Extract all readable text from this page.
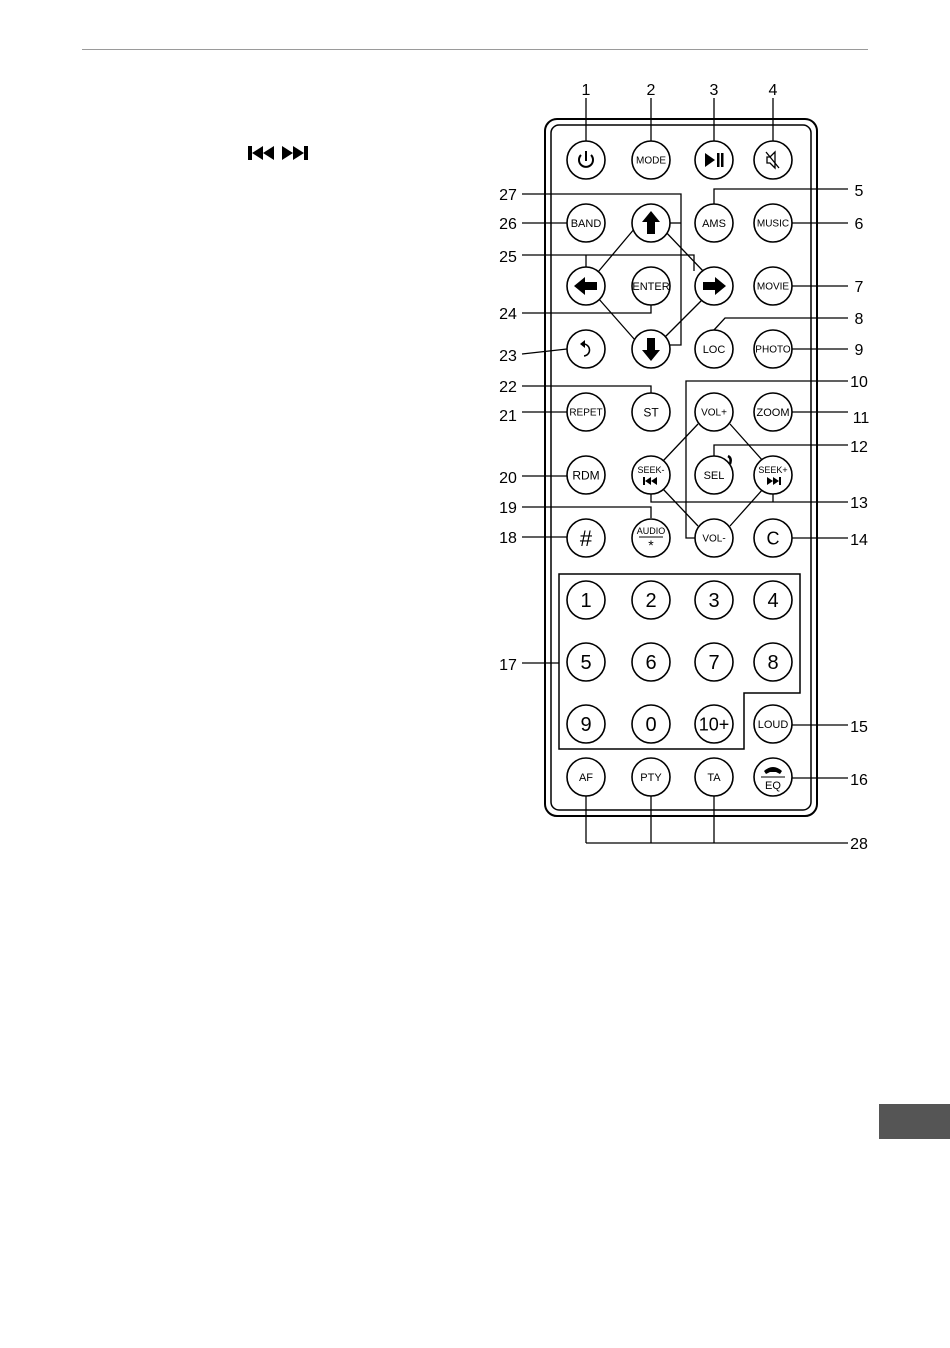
MODE
BAND	AMS	MUSIC
ENTER	MOVIE
LOC	PHOTO
REPET	ST	VOL+	ZOOM
RDM	SEEK-	SEL	SEEK+
#	AUDIO
*	VOL- C
1	2	3 4
5	6	7 8
9	0 10+	LOUD
AF	PTY	TA
EQ
1	2	3	4
5
6
7
8
9
10
11
12
13
14
15
16
17
18
19
20
21
22
23
24
25
26
27
28
